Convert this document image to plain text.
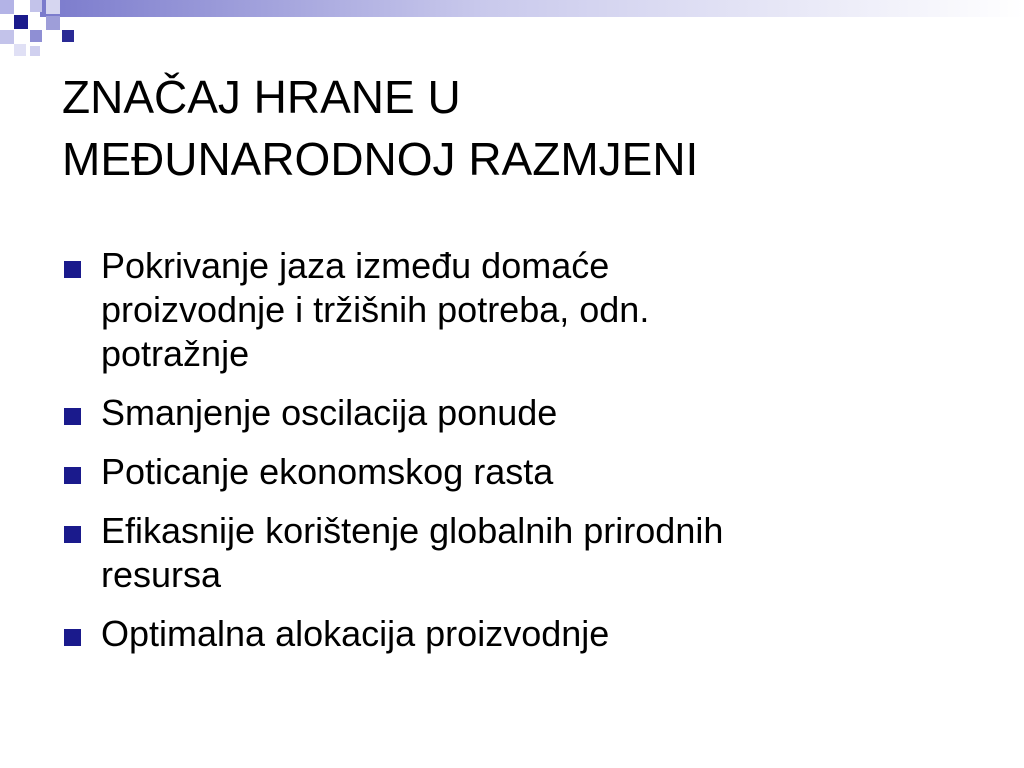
ZNAČAJ HRANE U
MEĐUNARODNOJ RAZMJENI
Pokrivanje jaza između domaće
proizvodnje i tržišnih potreba, odn.
potražnje
Smanjenje oscilacija ponude
Poticanje ekonomskog rasta
Efikasnije korištenje globalnih prirodnih
resursa
Optimalna alokacija proizvodnje
